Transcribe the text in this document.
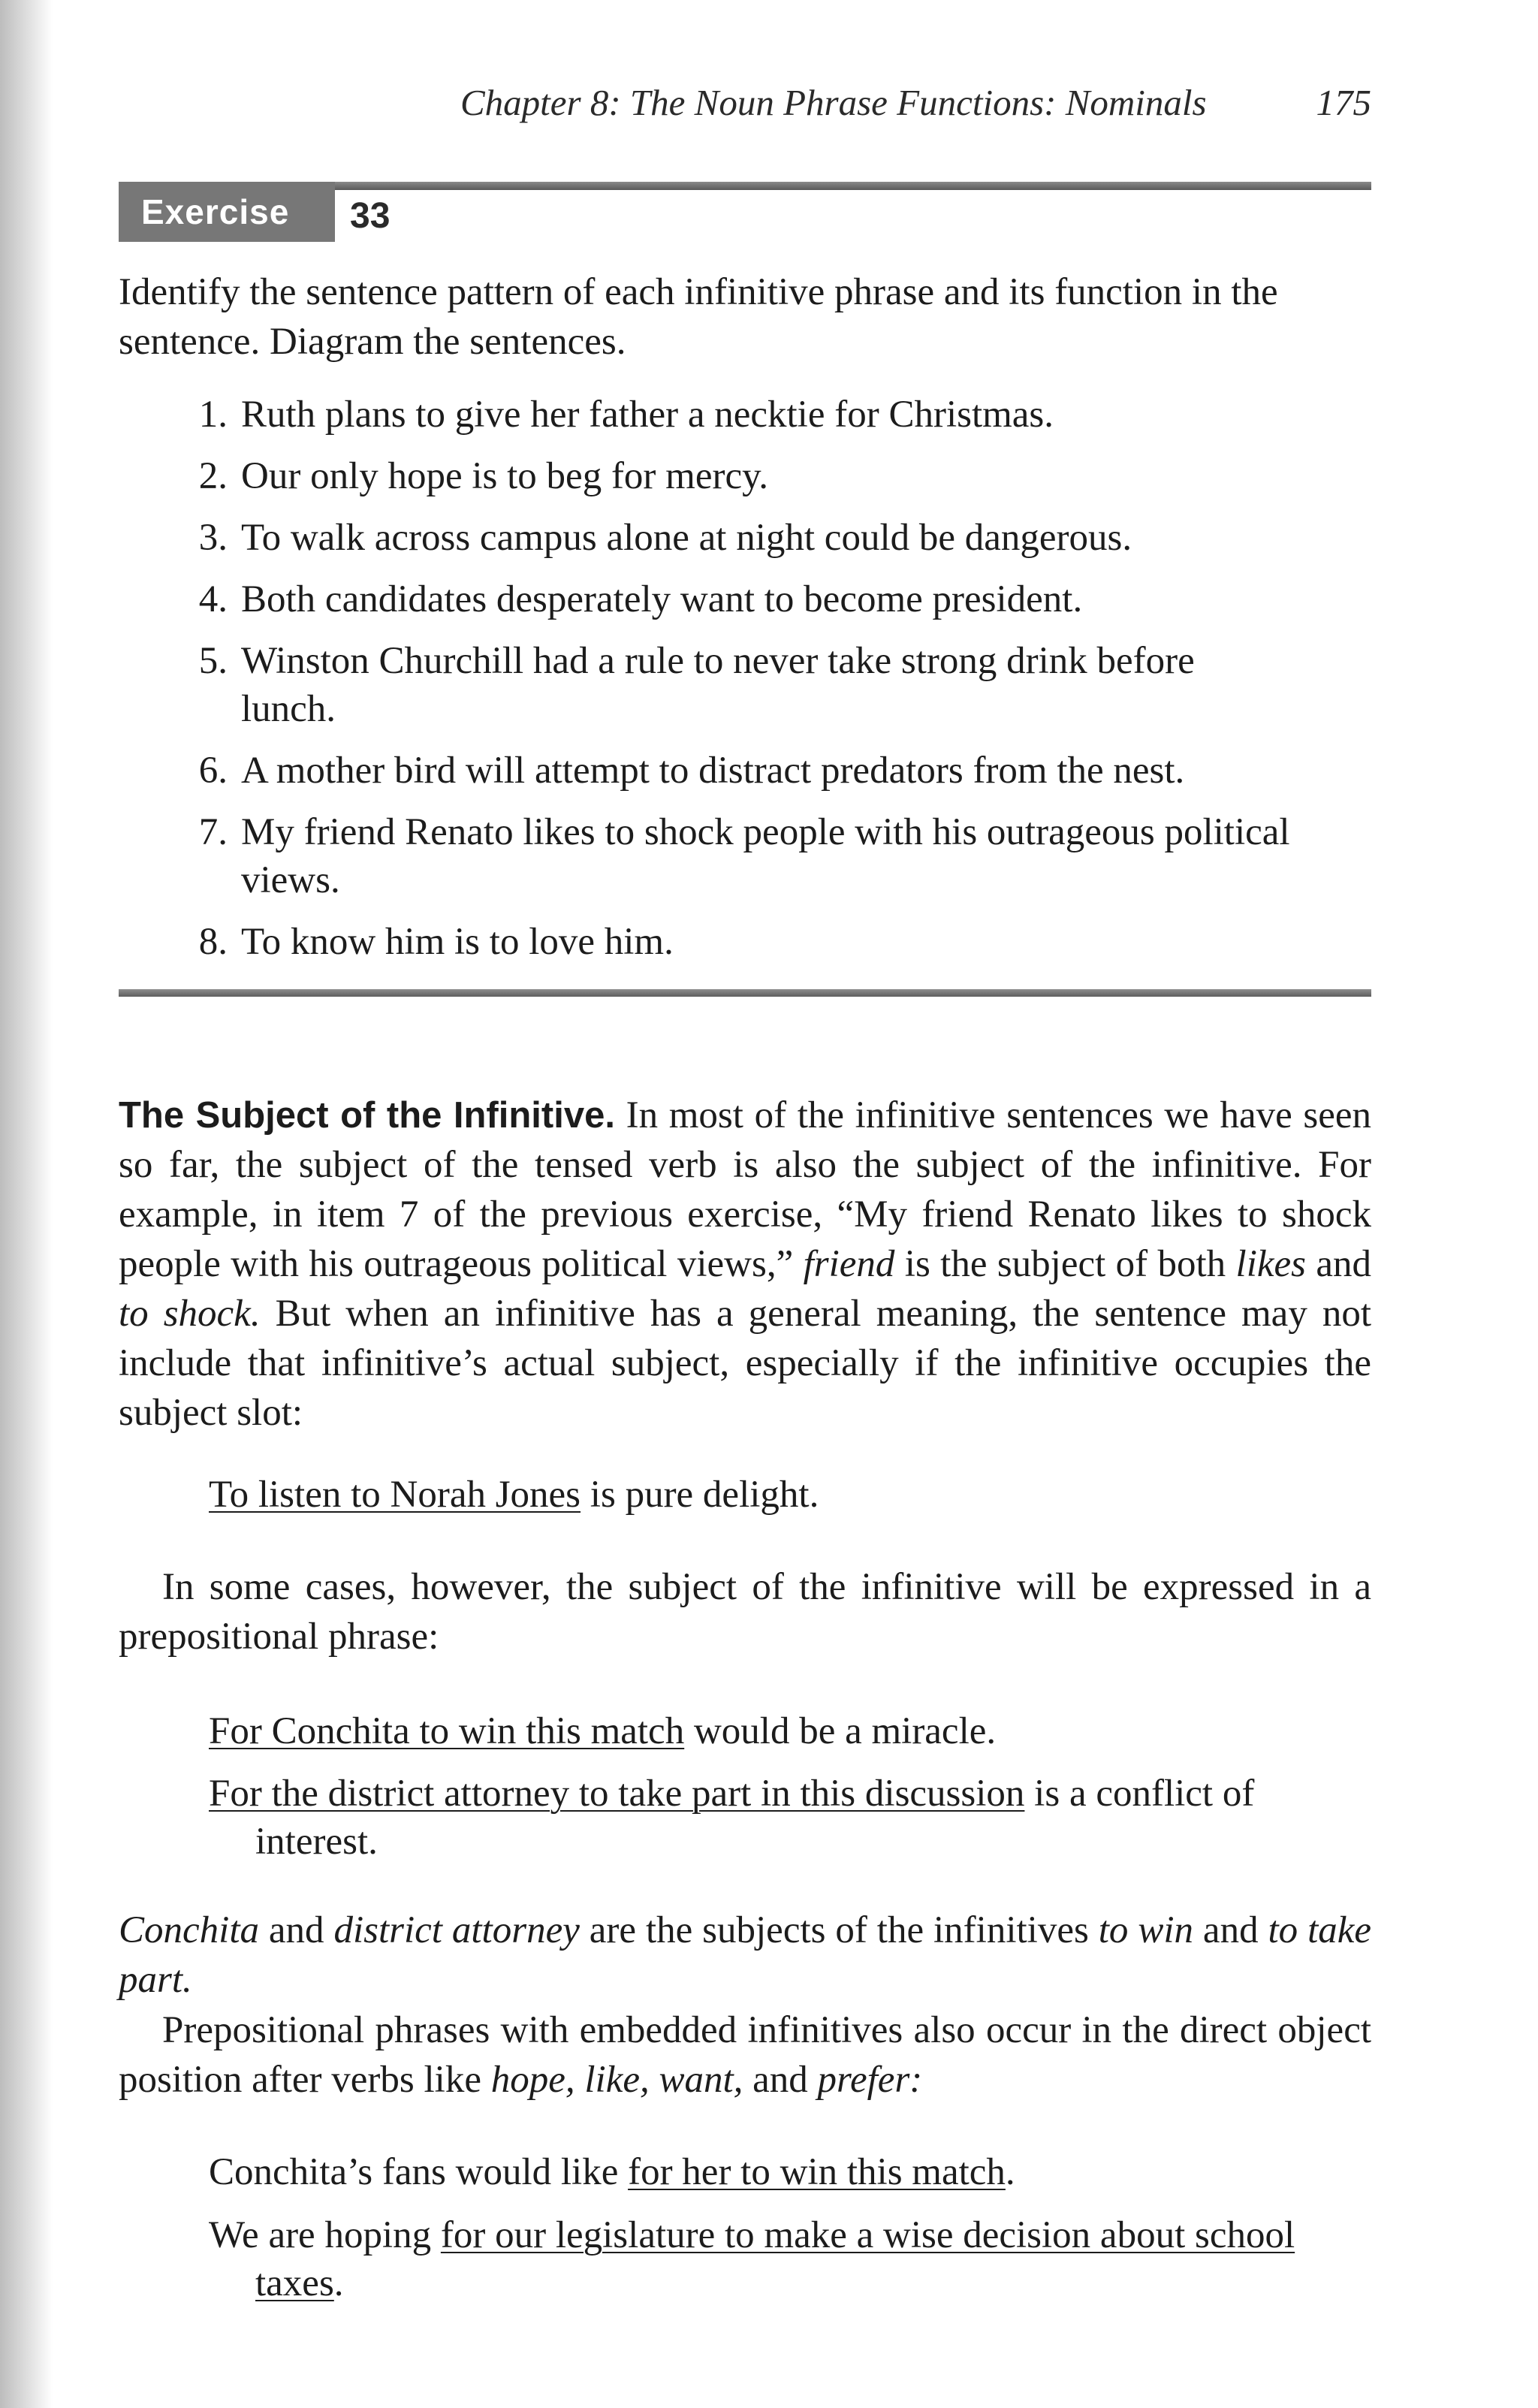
Chapter 8: The Noun Phrase Functions: Nominals	175
Exercise	33

Identify the sentence pattern of each infinitive phrase and its function in the sentence. Diagram the sentences.

1. Ruth plans to give her father a necktie for Christmas.
2. Our only hope is to beg for mercy.
3. To walk across campus alone at night could be dangerous.
4. Both candidates desperately want to become president.
5. Winston Churchill had a rule to never take strong drink before lunch.
6. A mother bird will attempt to distract predators from the nest.
7. My friend Renato likes to shock people with his outrageous political views.
8. To know him is to love him.

The Subject of the Infinitive. In most of the infinitive sentences we have seen so far, the subject of the tensed verb is also the subject of the infinitive. For example, in item 7 of the previous exercise, “My friend Renato likes to shock people with his outrageous political views,” friend is the subject of both likes and to shock. But when an infinitive has a general meaning, the sentence may not include that infinitive’s actual subject, especially if the infinitive occupies the subject slot:

To listen to Norah Jones is pure delight.

In some cases, however, the subject of the infinitive will be expressed in a prepositional phrase:

For Conchita to win this match would be a miracle.

For the district attorney to take part in this discussion is a conflict of interest.

Conchita and district attorney are the subjects of the infinitives to win and to take part.

Prepositional phrases with embedded infinitives also occur in the direct object position after verbs like hope, like, want, and prefer:

Conchita’s fans would like for her to win this match.

We are hoping for our legislature to make a wise decision about school taxes.
